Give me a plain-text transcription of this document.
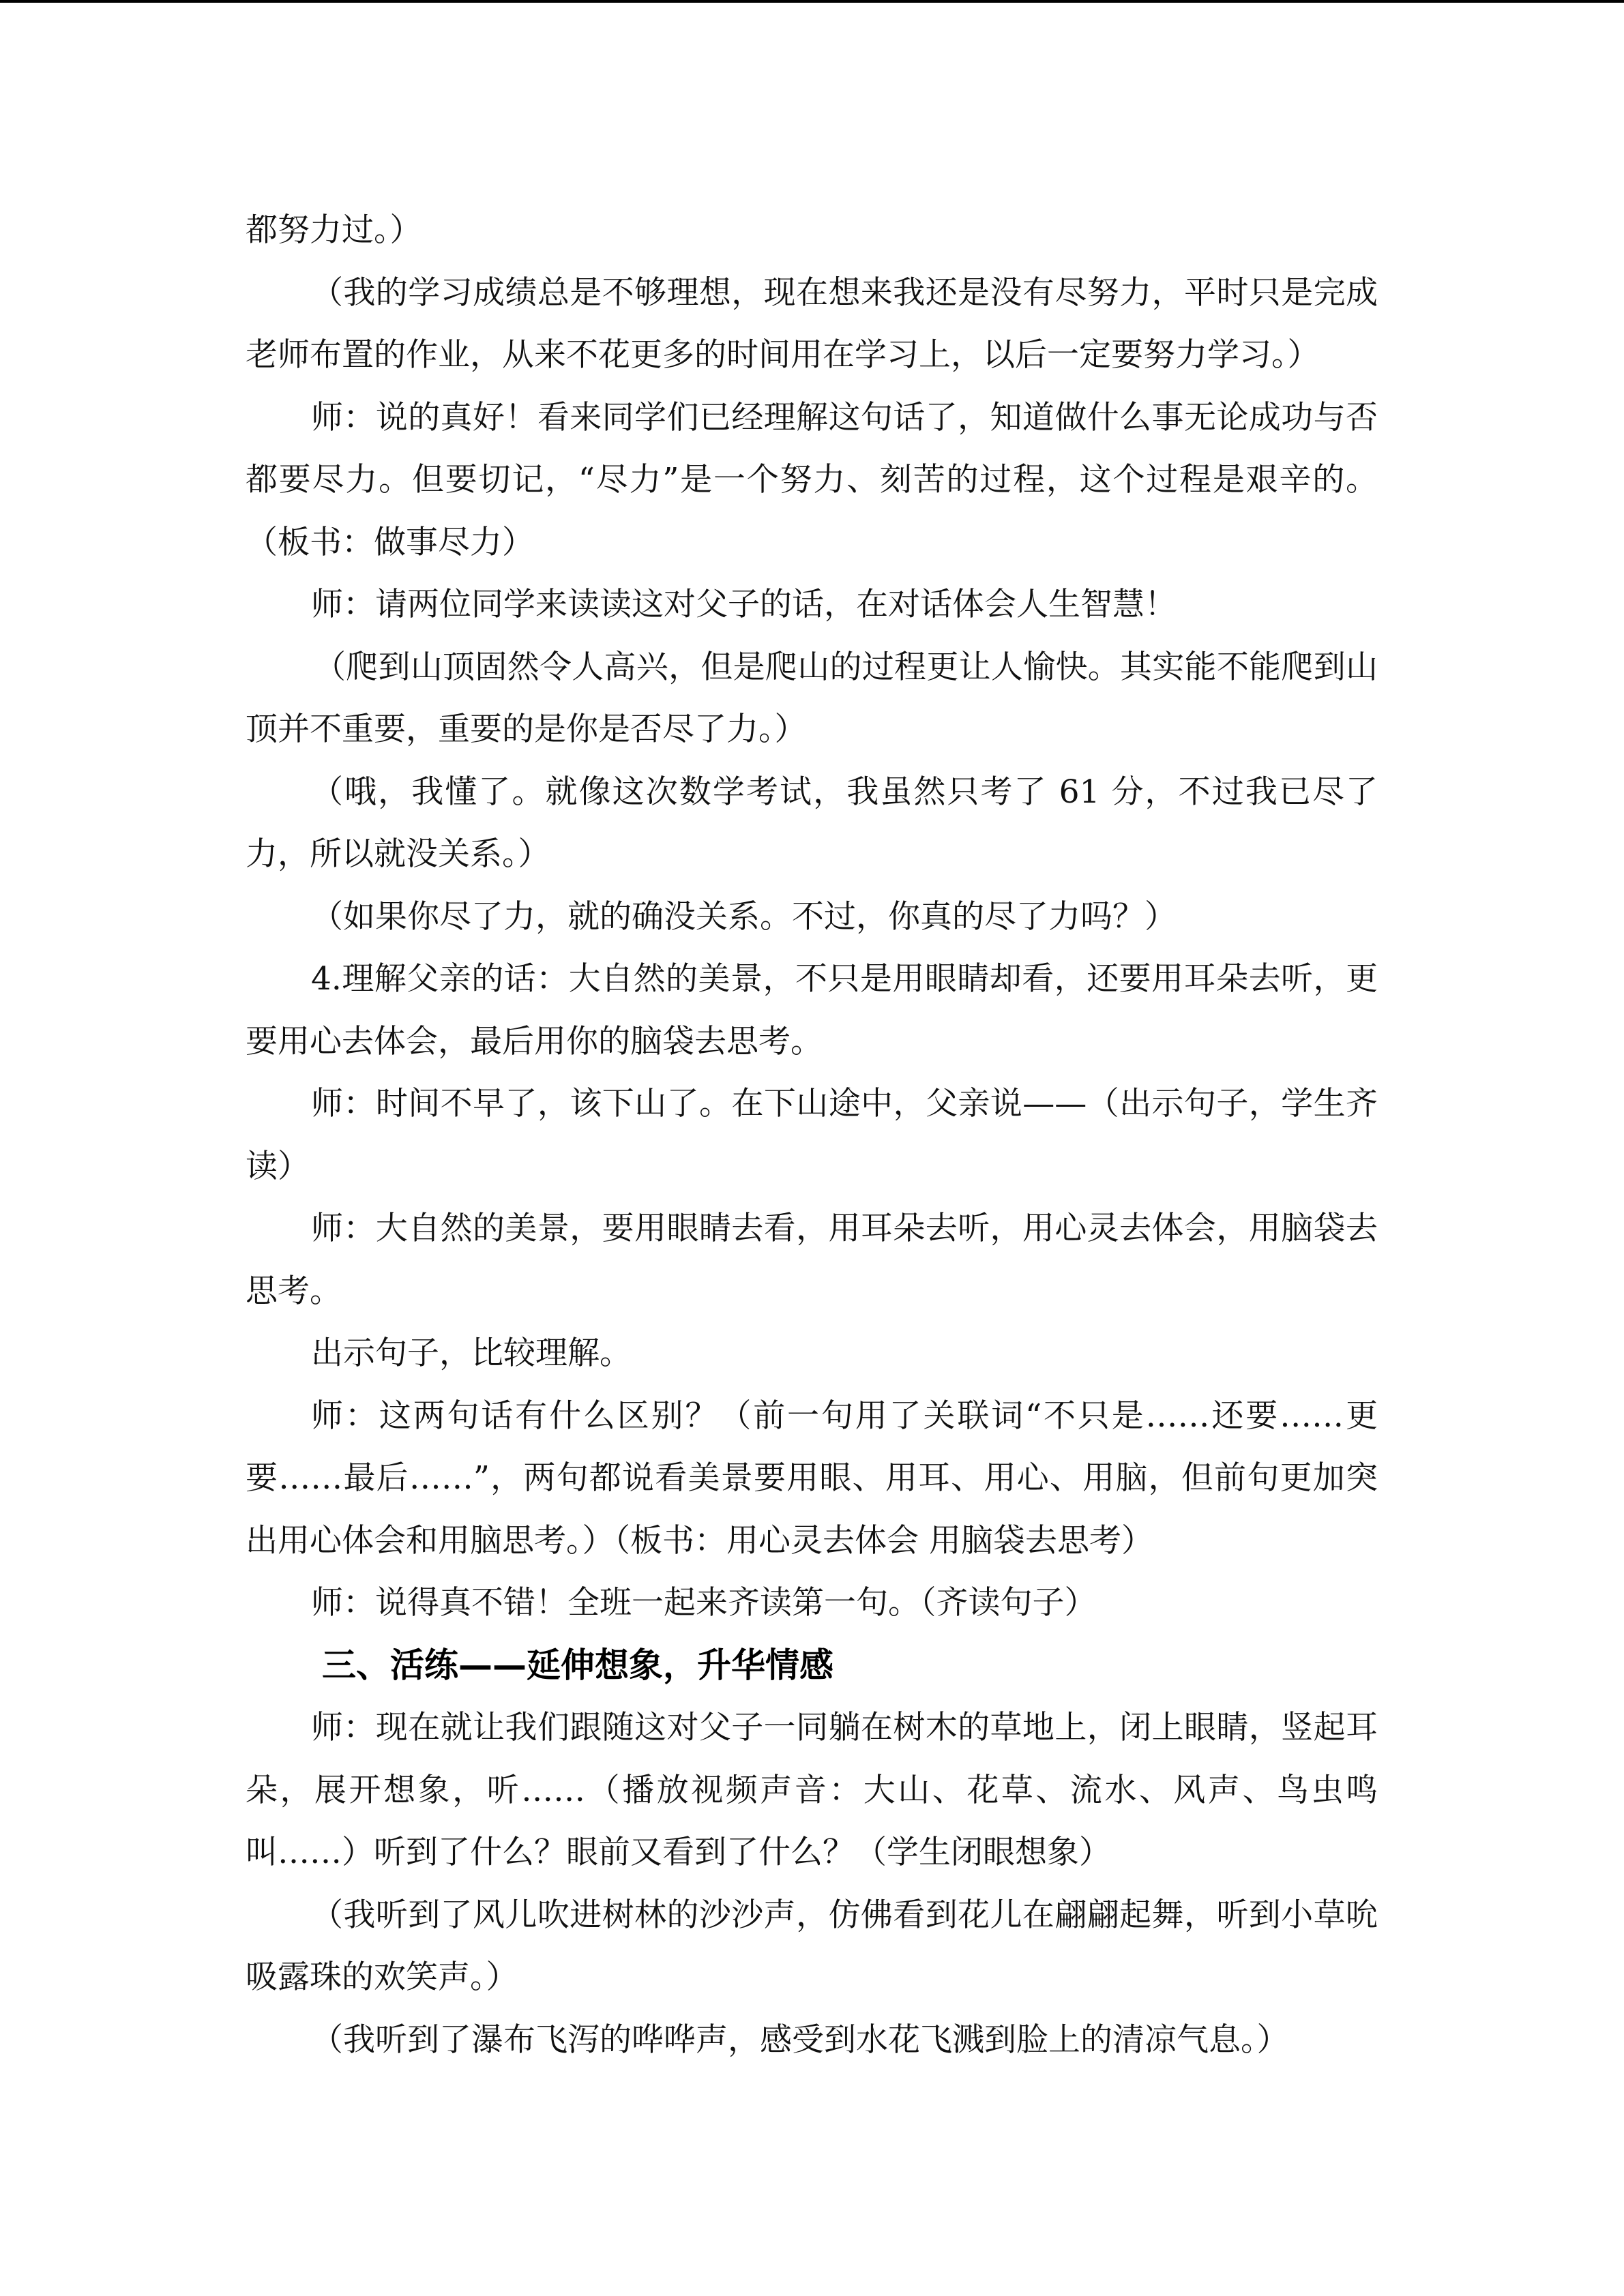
都努力过。）

（我的学习成绩总是不够理想，现在想来我还是没有尽努力，平时只是完成老师布置的作业，从来不花更多的时间用在学习上，以后一定要努力学习。）

师：说的真好！看来同学们已经理解这句话了，知道做什么事无论成功与否都要尽力。但要切记，“尽力”是一个努力、刻苦的过程，这个过程是艰辛的。（板书：做事尽力）

师：请两位同学来读读这对父子的话，在对话体会人生智慧！

（爬到山顶固然令人高兴，但是爬山的过程更让人愉快。其实能不能爬到山顶并不重要，重要的是你是否尽了力。）

（哦，我懂了。就像这次数学考试，我虽然只考了 61 分，不过我已尽了力，所以就没关系。）

（如果你尽了力，就的确没关系。不过，你真的尽了力吗？）

4.理解父亲的话：大自然的美景，不只是用眼睛却看，还要用耳朵去听，更要用心去体会，最后用你的脑袋去思考。

师：时间不早了，该下山了。在下山途中，父亲说——（出示句子，学生齐读）

师：大自然的美景，要用眼睛去看，用耳朵去听，用心灵去体会，用脑袋去思考。

出示句子，比较理解。

师：这两句话有什么区别？（前一句用了关联词“不只是……还要……更要……最后……”，两句都说看美景要用眼、用耳、用心、用脑，但前句更加突出用心体会和用脑思考。）（板书：用心灵去体会 用脑袋去思考）

师：说得真不错！全班一起来齐读第一句。（齐读句子）

三、活练——延伸想象，升华情感

师：现在就让我们跟随这对父子一同躺在树木的草地上，闭上眼睛，竖起耳朵，展开想象，听……（播放视频声音：大山、花草、流水、风声、鸟虫鸣叫……）听到了什么？眼前又看到了什么？（学生闭眼想象）

（我听到了风儿吹进树林的沙沙声，仿佛看到花儿在翩翩起舞，听到小草吮吸露珠的欢笑声。）

（我听到了瀑布飞泻的哗哗声，感受到水花飞溅到脸上的清凉气息。）
